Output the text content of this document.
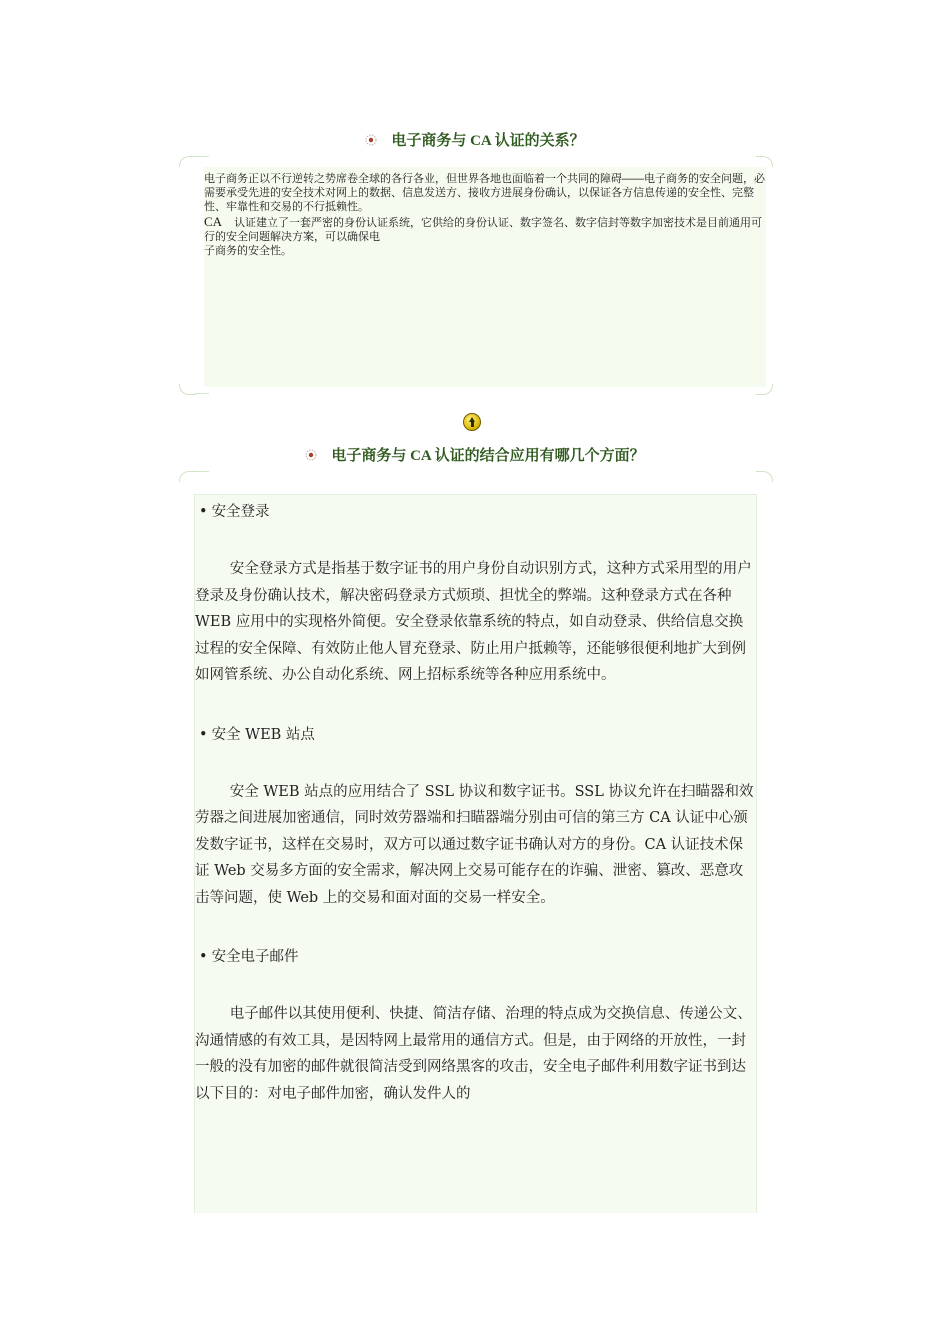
电子商务与 CA 认证的关系？

电子商务正以不行逆转之势席卷全球的各行各业，但世界各地也面临着一个共同的障碍——电子商务的安全问题，必需要承受先进的安全技术对网上的数据、信息发送方、接收方进展身份确认，以保证各方信息传递的安全性、完整性、牢靠性和交易的不行抵赖性。

CA 认证建立了一套严密的身份认证系统，它供给的身份认证、数字签名、数字信封等数字加密技术是目前通用可行的安全问题解决方案，可以确保电

子商务的安全性。

电子商务与 CA 认证的结合应用有哪几个方面？
• 安全登录

安全登录方式是指基于数字证书的用户身份自动识别方式，这种方式采用型的用户登录及身份确认技术，解决密码登录方式烦琐、担忧全的弊端。这种登录方式在各种 WEB 应用中的实现格外简便。安全登录依靠系统的特点，如自动登录、供给信息交换过程的安全保障、有效防止他人冒充登录、防止用户抵赖等，还能够很便利地扩大到例如网管系统、办公自动化系统、网上招标系统等各种应用系统中。

• 安全 WEB 站点

安全 WEB 站点的应用结合了 SSL 协议和数字证书。SSL 协议允许在扫瞄器和效劳器之间进展加密通信，同时效劳器端和扫瞄器端分别由可信的第三方 CA 认证中心颁发数字证书，这样在交易时，双方可以通过数字证书确认对方的身份。CA 认证技术保证 Web 交易多方面的安全需求，解决网上交易可能存在的诈骗、泄密、篡改、恶意攻击等问题，使 Web 上的交易和面对面的交易一样安全。

• 安全电子邮件

电子邮件以其使用便利、快捷、简洁存储、治理的特点成为交换信息、传递公文、沟通情感的有效工具，是因特网上最常用的通信方式。但是，由于网络的开放性，一封一般的没有加密的邮件就很简洁受到网络黑客的攻击，安全电子邮件利用数字证书到达以下目的：对电子邮件加密，确认发件人的
